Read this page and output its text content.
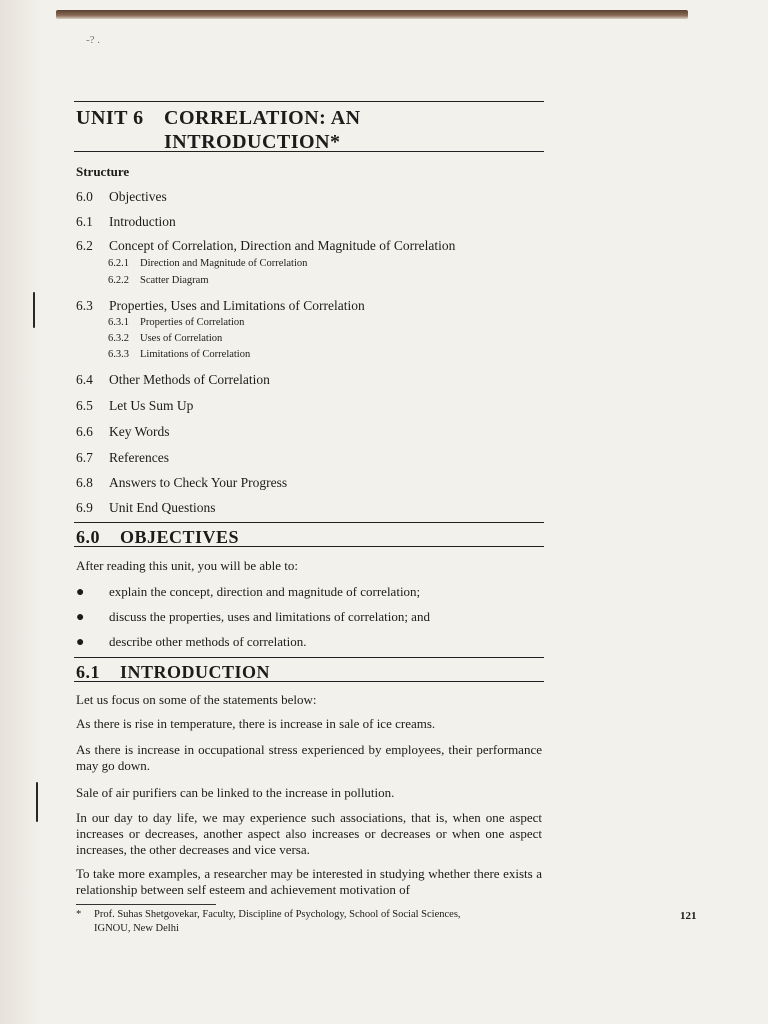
-? .
UNIT 6 CORRELATION: AN
INTRODUCTION*
Structure
6.0 Objectives
6.1 Introduction
6.2 Concept of Correlation, Direction and Magnitude of Correlation
6.2.1 Direction and Magnitude of Correlation
6.2.2 Scatter Diagram
6.3 Properties, Uses and Limitations of Correlation
6.3.1 Properties of Correlation
6.3.2 Uses of Correlation
6.3.3 Limitations of Correlation
6.4 Other Methods of Correlation
6.5 Let Us Sum Up
6.6 Key Words
6.7 References
6.8 Answers to Check Your Progress
6.9 Unit End Questions
6.0 OBJECTIVES
After reading this unit, you will be able to:
● explain the concept, direction and magnitude of correlation;
● discuss the properties, uses and limitations of correlation; and
● describe other methods of correlation.
6.1 INTRODUCTION
Let us focus on some of the statements below:
As there is rise in temperature, there is increase in sale of ice creams.
As there is increase in occupational stress experienced by employees, their performance may go down.
Sale of air purifiers can be linked to the increase in pollution.
In our day to day life, we may experience such associations, that is, when one aspect increases or decreases, another aspect also increases or decreases or when one aspect increases, the other decreases and vice versa.
To take more examples, a researcher may be interested in studying whether there exists a relationship between self esteem and achievement motivation of
* Prof. Suhas Shetgovekar, Faculty, Discipline of Psychology, School of Social Sciences,
IGNOU, New Delhi
121
